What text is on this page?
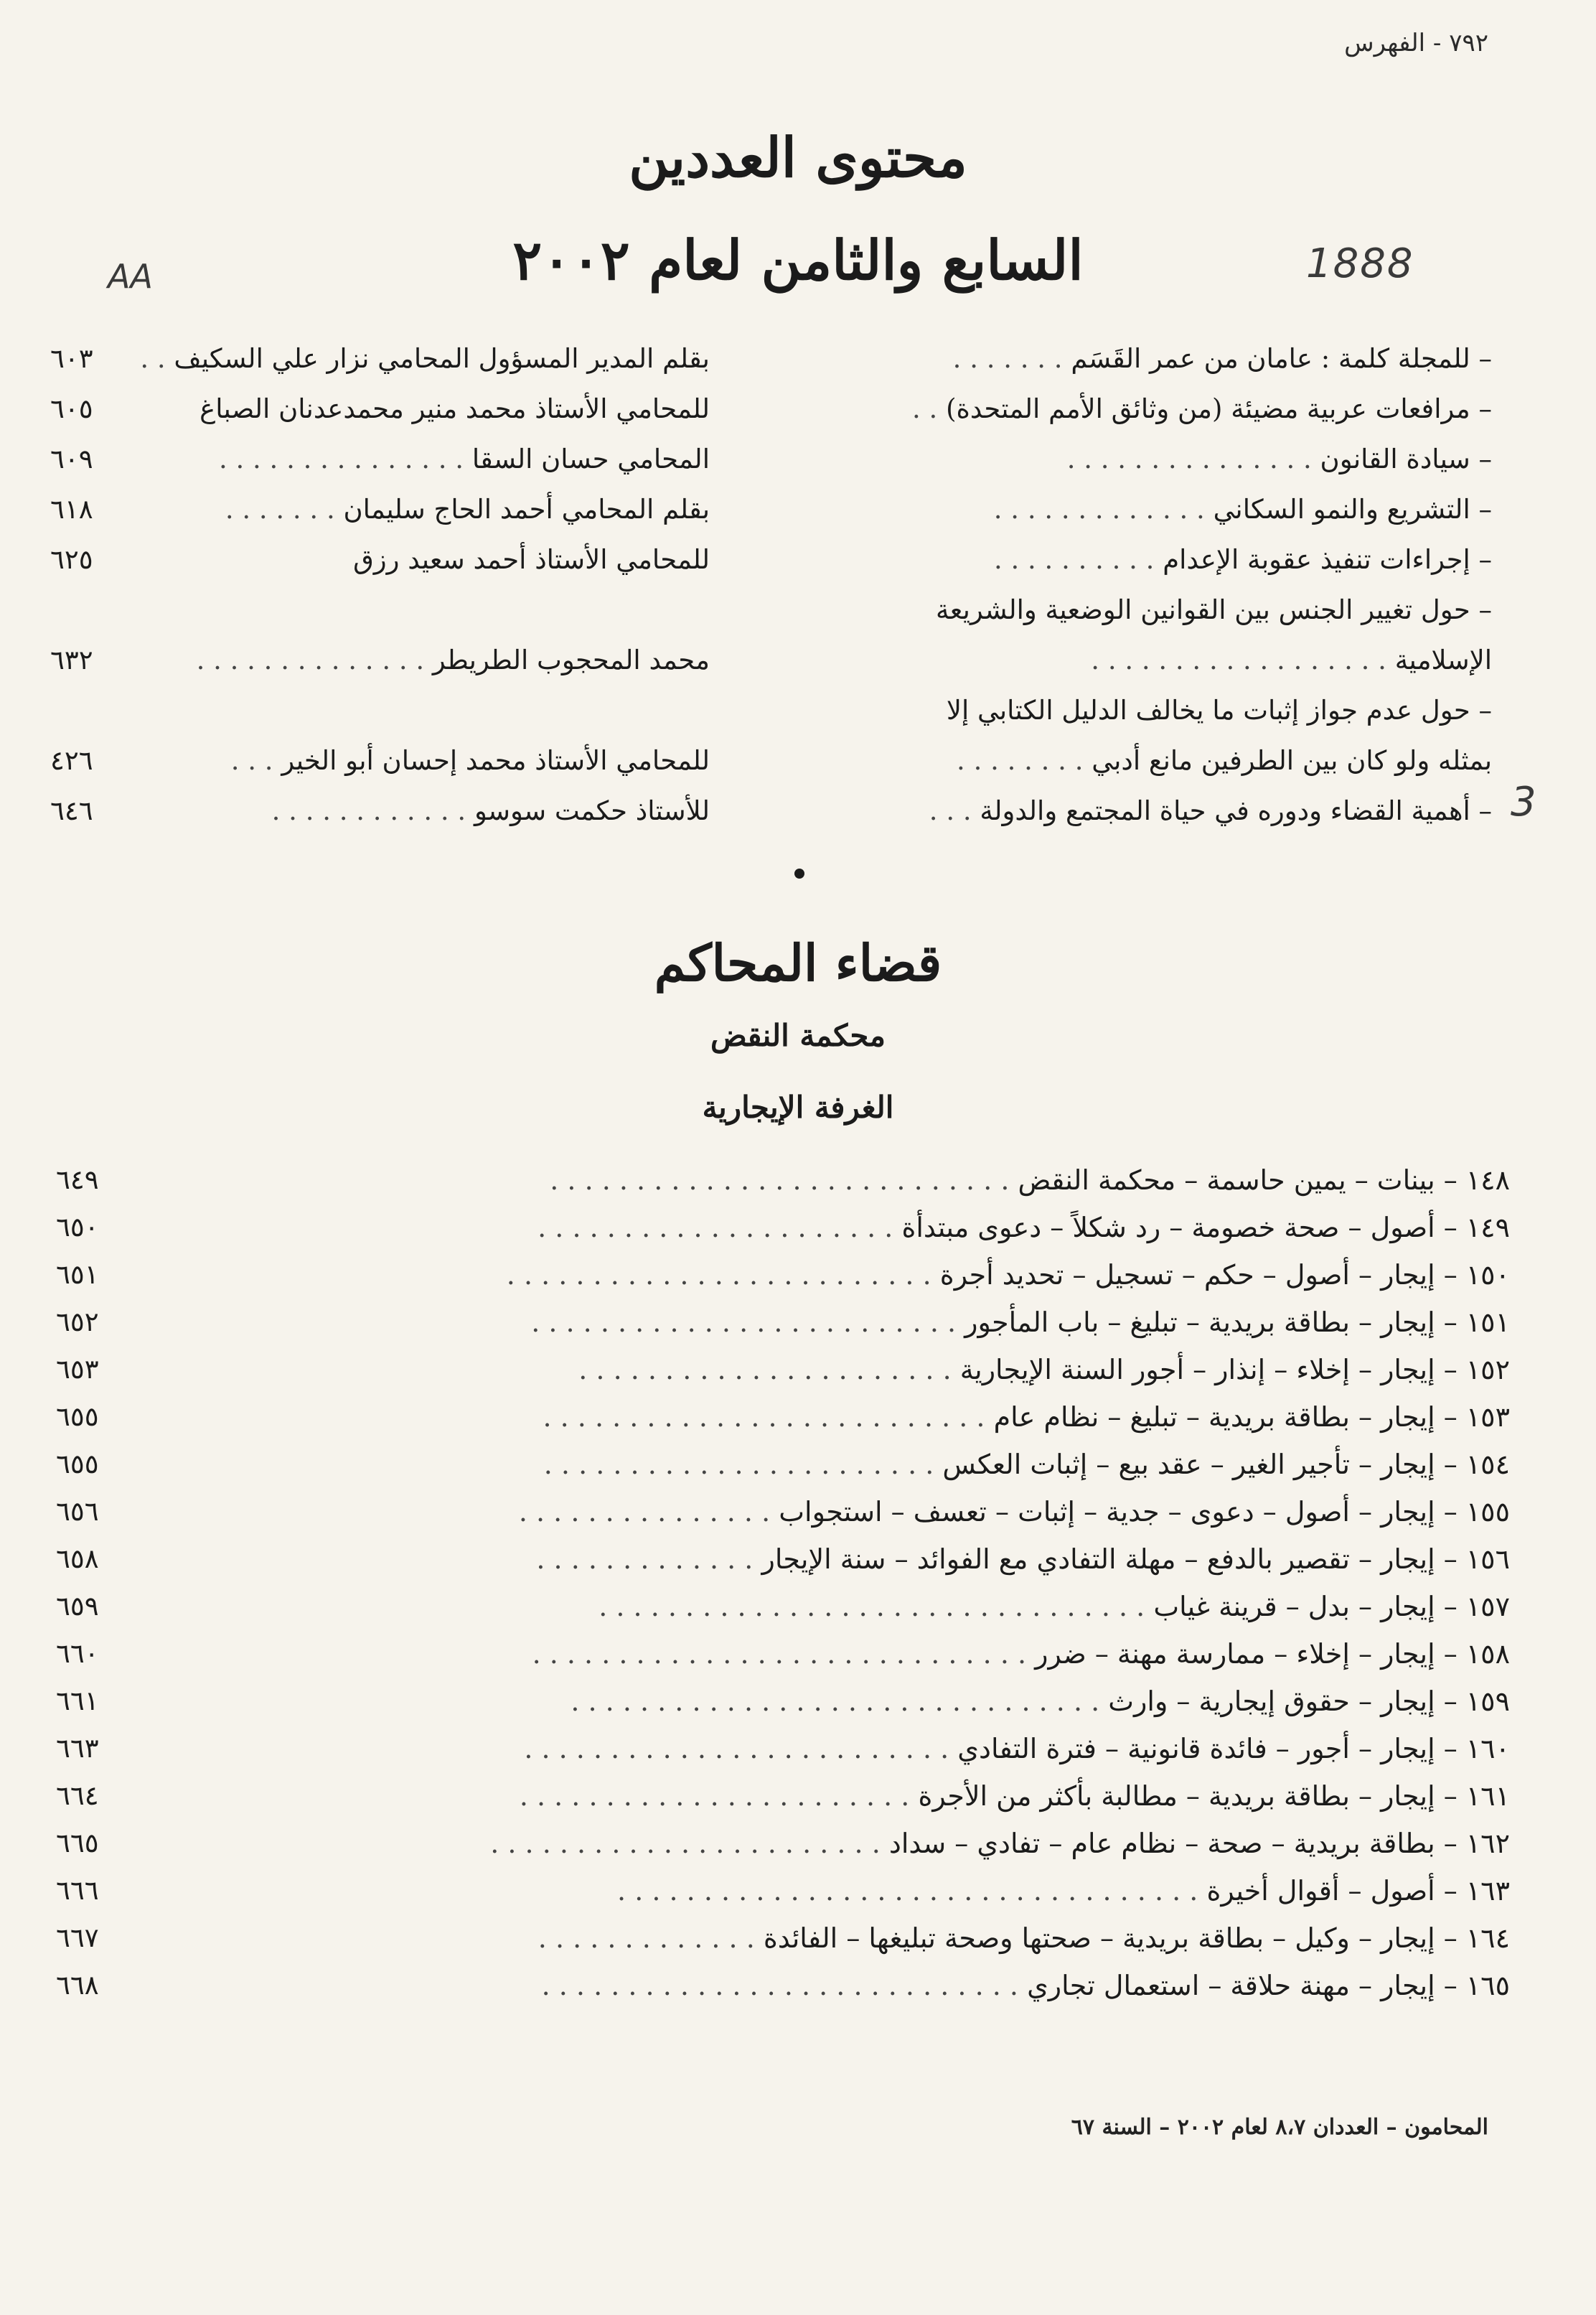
٧٩٢ - الفهرس
محتوى العددين
السابع والثامن لعام ٢٠٠٢	1888
AA
3
– للمجلة كلمة : عامان من عمر القَسَم . . . . . . .
بقلم المدير المسؤول المحامي نزار علي السكيف . .
٦٠٣
– مرافعات عربية مضيئة (من وثائق الأمم المتحدة) . .
للمحامي الأستاذ محمد منير محمدعدنان الصباغ
٦٠٥
– سيادة القانون . . . . . . . . . . . . . . .
المحامي حسان السقا . . . . . . . . . . . . . . .
٦٠٩
– التشريع والنمو السكاني . . . . . . . . . . . . .
بقلم المحامي أحمد الحاج سليمان . . . . . . .
٦١٨
– إجراءات تنفيذ عقوبة الإعدام . . . . . . . . . .
للمحامي الأستاذ أحمد سعيد رزق
٦٢٥
– حول تغيير الجنس بين القوانين الوضعية والشريعة
الإسلامية . . . . . . . . . . . . . . . . . .
محمد المحجوب الطريطر . . . . . . . . . . . . . .
٦٣٢
– حول عدم جواز إثبات ما يخالف الدليل الكتابي إلا
بمثله ولو كان بين الطرفين مانع أدبي . . . . . . . .
للمحامي الأستاذ محمد إحسان أبو الخير . . .
٤٢٦
– أهمية القضاء ودوره في حياة المجتمع والدولة . . .
للأستاذ حكمت سوسو . . . . . . . . . . . .
٦٤٦
قضاء المحاكم
محكمة النقض
الغرفة الإيجارية
١٤٨– بينات – يمين حاسمة – محكمة النقض . . . . . . . . . . . . . . . . . . . . . . . . . . .
٦٤٩
١٤٩– أصول – صحة خصومة – رد شكلاً – دعوى مبتدأة . . . . . . . . . . . . . . . . . . . . .
٦٥٠
١٥٠– إيجار – أصول – حكم – تسجيل – تحديد أجرة . . . . . . . . . . . . . . . . . . . . . . . . .
٦٥١
١٥١– إيجار – بطاقة بريدية – تبليغ – باب المأجور . . . . . . . . . . . . . . . . . . . . . . . . .
٦٥٢
١٥٢– إيجار – إخلاء – إنذار – أجور السنة الإيجارية . . . . . . . . . . . . . . . . . . . . . .
٦٥٣
١٥٣– إيجار – بطاقة بريدية – تبليغ – نظام عام . . . . . . . . . . . . . . . . . . . . . . . . . .
٦٥٥
١٥٤– إيجار – تأجير الغير – عقد بيع – إثبات العكس . . . . . . . . . . . . . . . . . . . . . . .
٦٥٥
١٥٥– إيجار – أصول – دعوى – جدية – إثبات – تعسف – استجواب . . . . . . . . . . . . . . .
٦٥٦
١٥٦– إيجار – تقصير بالدفع – مهلة التفادي مع الفوائد – سنة الإيجار . . . . . . . . . . . . .
٦٥٨
١٥٧– إيجار – بدل – قرينة غياب . . . . . . . . . . . . . . . . . . . . . . . . . . . . . . . .
٦٥٩
١٥٨– إيجار – إخلاء – ممارسة مهنة – ضرر . . . . . . . . . . . . . . . . . . . . . . . . . . . . .
٦٦٠
١٥٩– إيجار – حقوق إيجارية – وارث . . . . . . . . . . . . . . . . . . . . . . . . . . . . . . .
٦٦١
١٦٠– إيجار – أجور – فائدة قانونية – فترة التفادي . . . . . . . . . . . . . . . . . . . . . . . . .
٦٦٣
١٦١– إيجار – بطاقة بريدية – مطالبة بأكثر من الأجرة . . . . . . . . . . . . . . . . . . . . . . .
٦٦٤
١٦٢– بطاقة بريدية – صحة – نظام عام – تفادي – سداد . . . . . . . . . . . . . . . . . . . . . . .
٦٦٥
١٦٣– أصول – أقوال أخيرة . . . . . . . . . . . . . . . . . . . . . . . . . . . . . . . . . .
٦٦٦
١٦٤– إيجار – وكيل – بطاقة بريدية – صحتها وصحة تبليغها – الفائدة . . . . . . . . . . . . .
٦٦٧
١٦٥– إيجار – مهنة حلاقة – استعمال تجاري . . . . . . . . . . . . . . . . . . . . . . . . . . . .
٦٦٨
المحامون – العددان ٨،٧ لعام ٢٠٠٢ – السنة ٦٧
